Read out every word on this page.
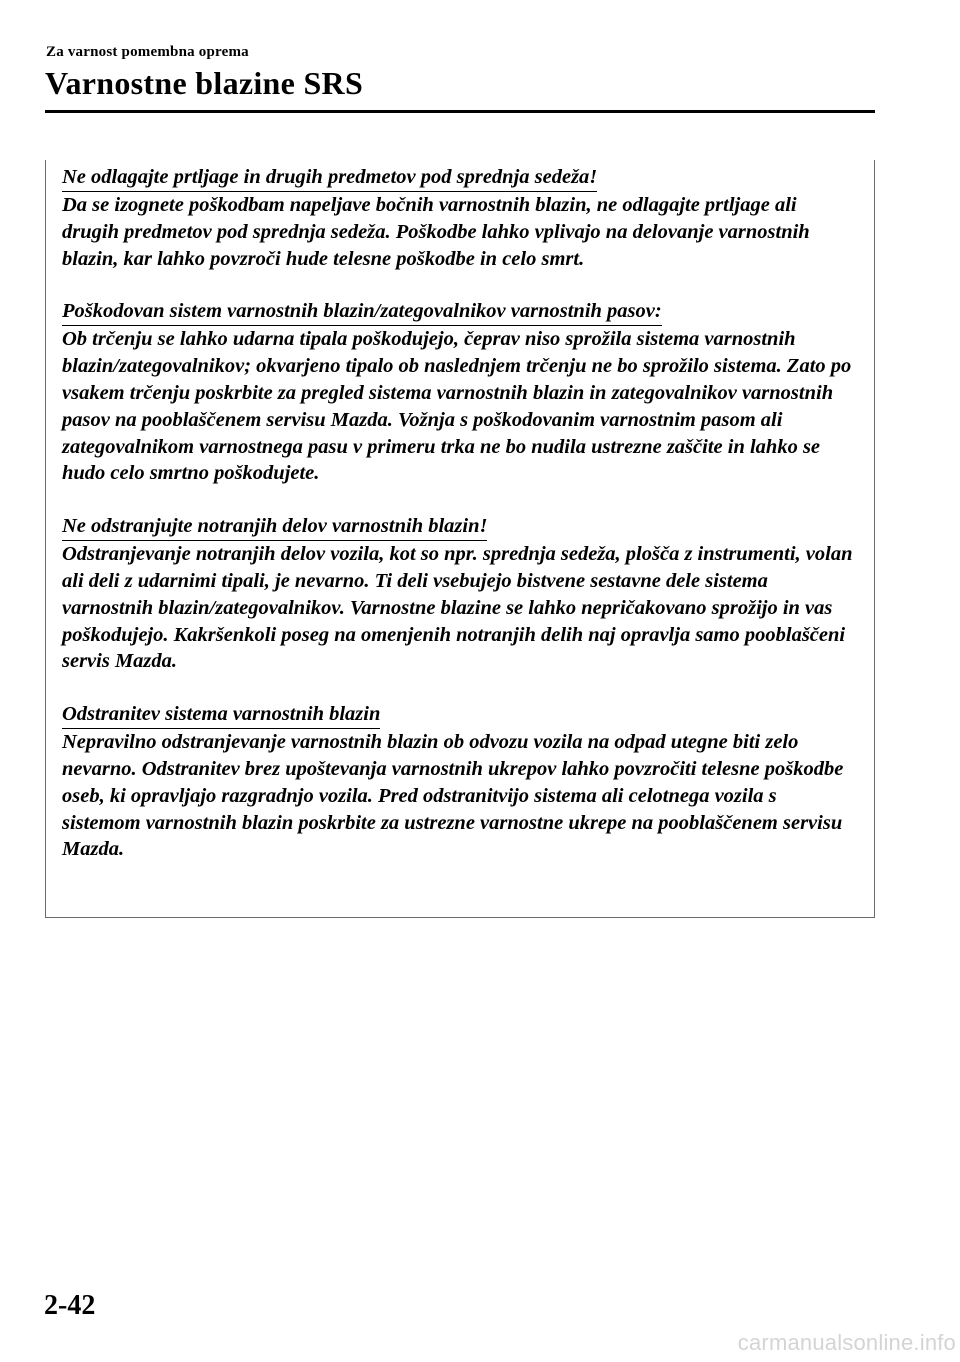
Za varnost pomembna oprema
Varnostne blazine SRS
Ne odlagajte prtljage in drugih predmetov pod sprednja sedeža!

Da se izognete poškodbam napeljave bočnih varnostnih blazin, ne odlagajte prtljage ali drugih predmetov pod sprednja sedeža. Poškodbe lahko vplivajo na delovanje varnostnih blazin, kar lahko povzroči hude telesne poškodbe in celo smrt.

Poškodovan sistem varnostnih blazin/zategovalnikov varnostnih pasov:

Ob trčenju se lahko udarna tipala poškodujejo, čeprav niso sprožila sistema varnostnih blazin/zategovalnikov; okvarjeno tipalo ob naslednjem trčenju ne bo sprožilo sistema. Zato po vsakem trčenju poskrbite za pregled sistema varnostnih blazin in zategovalnikov varnostnih pasov na pooblaščenem servisu Mazda. Vožnja s poškodovanim varnostnim pasom ali zategovalnikom varnostnega pasu v primeru trka ne bo nudila ustrezne zaščite in lahko se hudo celo smrtno poškodujete.

Ne odstranjujte notranjih delov varnostnih blazin!

Odstranjevanje notranjih delov vozila, kot so npr. sprednja sedeža, plošča z instrumenti, volan ali deli z udarnimi tipali, je nevarno. Ti deli vsebujejo bistvene sestavne dele sistema varnostnih blazin/zategovalnikov. Varnostne blazine se lahko nepričakovano sprožijo in vas poškodujejo. Kakršenkoli poseg na omenjenih notranjih delih naj opravlja samo pooblaščeni servis Mazda.

Odstranitev sistema varnostnih blazin

Nepravilno odstranjevanje varnostnih blazin ob odvozu vozila na odpad utegne biti zelo nevarno. Odstranitev brez upoštevanja varnostnih ukrepov lahko povzročiti telesne poškodbe oseb, ki opravljajo razgradnjo vozila. Pred odstranitvijo sistema ali celotnega vozila s sistemom varnostnih blazin poskrbite za ustrezne varnostne ukrepe na pooblaščenem servisu Mazda.

2-42
carmanualsonline.info
